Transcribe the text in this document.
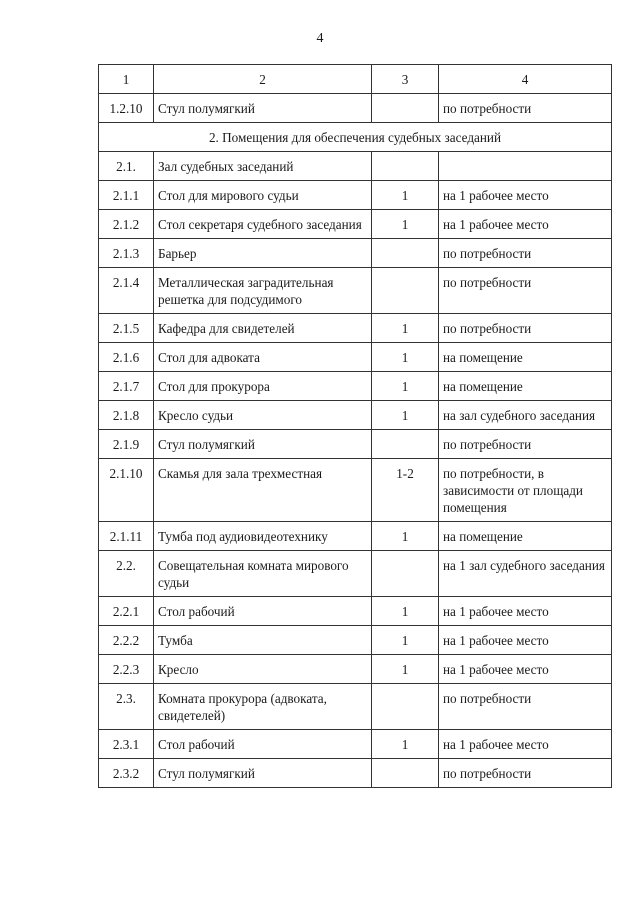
4
1	2	3	4
1.2.10	Стул полумягкий		по потребности
2. Помещения для обеспечения судебных заседаний			
2.1.	Зал судебных заседаний		
2.1.1	Стол для мирового судьи	1	на 1 рабочее место
2.1.2	Стол секретаря судебного заседания	1	на 1 рабочее место
2.1.3	Барьер		по потребности
2.1.4	Металлическая заградительная решетка для подсудимого		по потребности
2.1.5	Кафедра для свидетелей	1	по потребности
2.1.6	Стол для адвоката	1	на помещение
2.1.7	Стол для прокурора	1	на помещение
2.1.8	Кресло судьи	1	на зал судебного заседания
2.1.9	Стул полумягкий		по потребности
2.1.10	Скамья для зала трехместная	1-2	по потребности, в зависимости от площади помещения
2.1.11	Тумба под аудиовидеотехнику	1	на помещение
2.2.	Совещательная комната мирового судьи		на 1 зал судебного заседания
2.2.1	Стол рабочий	1	на 1 рабочее место
2.2.2	Тумба	1	на 1 рабочее место
2.2.3	Кресло	1	на 1 рабочее место
2.3.	Комната прокурора (адвоката, свидетелей)		по потребности
2.3.1	Стол рабочий	1	на 1 рабочее место
2.3.2	Стул полумягкий		по потребности
